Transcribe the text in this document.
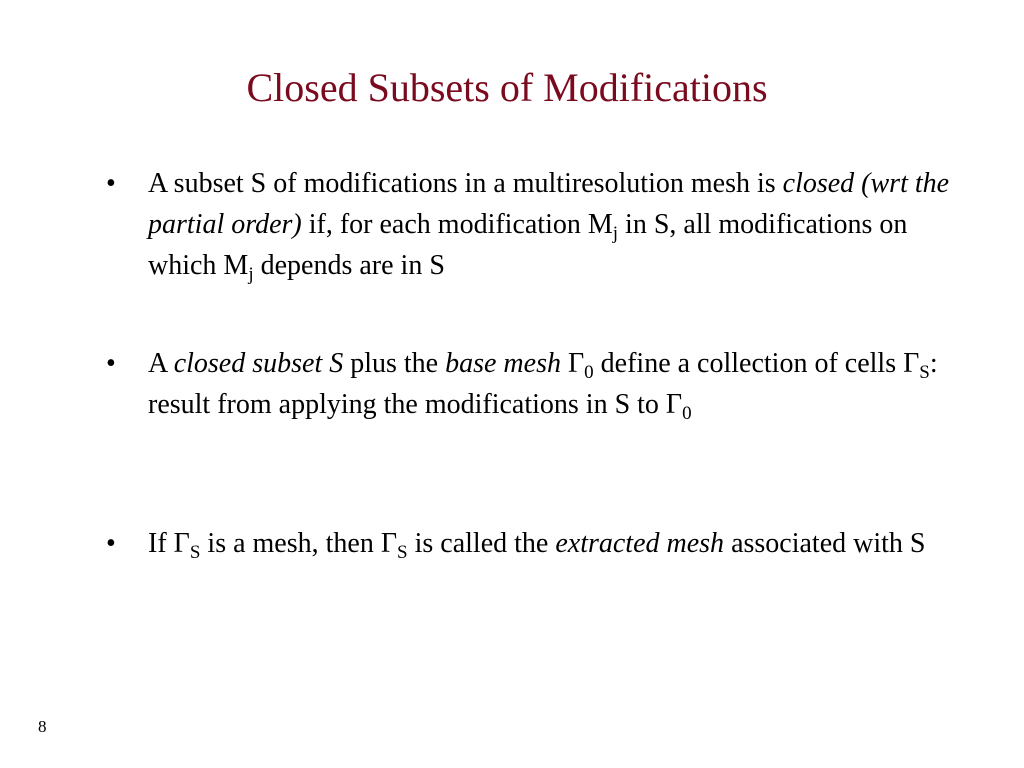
Closed Subsets of Modifications
• A subset S of modifications in a multiresolution mesh is closed (wrt the partial order) if, for each modification $M_j$ in S, all modifications on which $M_j$ depends are in S
• A closed subset S plus the base mesh $\Gamma_0$ define a collection of cells $\Gamma_S$: result from applying the modifications in S to $\Gamma_0$
• If $\Gamma_S$ is a mesh, then $\Gamma_S$ is called the extracted mesh associated with S
8
